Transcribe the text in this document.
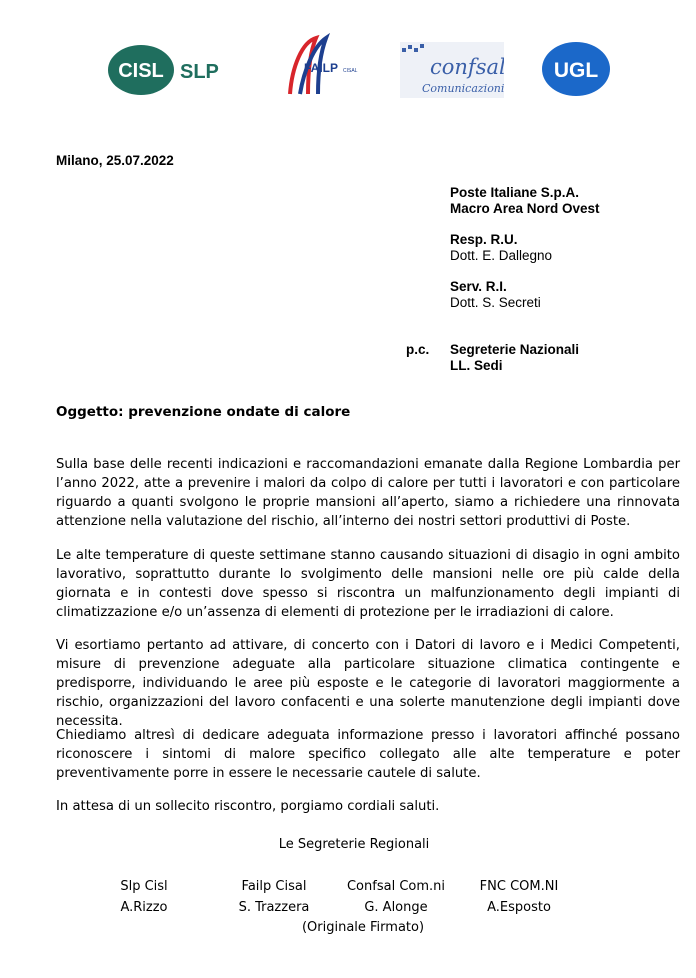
CISL SLP	FAILP CISAL	confsal
Comunicazioni
UGL
Milano, 25.07.2022
Poste Italiane S.p.A.
Macro Area Nord Ovest
Resp. R.U.
Dott. E. Dallegno
Serv. R.I.
Dott. S. Secreti
p.c. Segreterie Nazionali
LL. Sedi
Oggetto: prevenzione ondate di calore
Sulla base delle recenti indicazioni e raccomandazioni emanate dalla Regione Lombardia per l’anno 2022, atte a prevenire i malori da colpo di calore per tutti i lavoratori e con particolare riguardo a quanti svolgono le proprie mansioni all’aperto, siamo a richiedere una rinnovata attenzione nella valutazione del rischio, all’interno dei nostri settori produttivi di Poste.
Le alte temperature di queste settimane stanno causando situazioni di disagio in ogni ambito lavorativo, soprattutto durante lo svolgimento delle mansioni nelle ore più calde della giornata e in contesti dove spesso si riscontra un malfunzionamento degli impianti di climatizzazione e/o un’assenza di elementi di protezione per le irradiazioni di calore.
Vi esortiamo pertanto ad attivare, di concerto con i Datori di lavoro e i Medici Competenti, misure di prevenzione adeguate alla particolare situazione climatica contingente e predisporre, individuando le aree più esposte e le categorie di lavoratori maggiormente a rischio, organizzazioni del lavoro confacenti e una solerte manutenzione degli impianti dove necessita.
Chiediamo altresì di dedicare adeguata informazione presso i lavoratori affinché possano riconoscere i sintomi di malore specifico collegato alle alte temperature e poter preventivamente porre in essere le necessarie cautele di salute.
In attesa di un sollecito riscontro, porgiamo cordiali saluti.
Le Segreterie Regionali
Slp Cisl
A.Rizzo
Failp Cisal
S. Trazzera
Confsal Com.ni
G. Alonge
FNC COM.NI
A.Esposto
(Originale Firmato)
